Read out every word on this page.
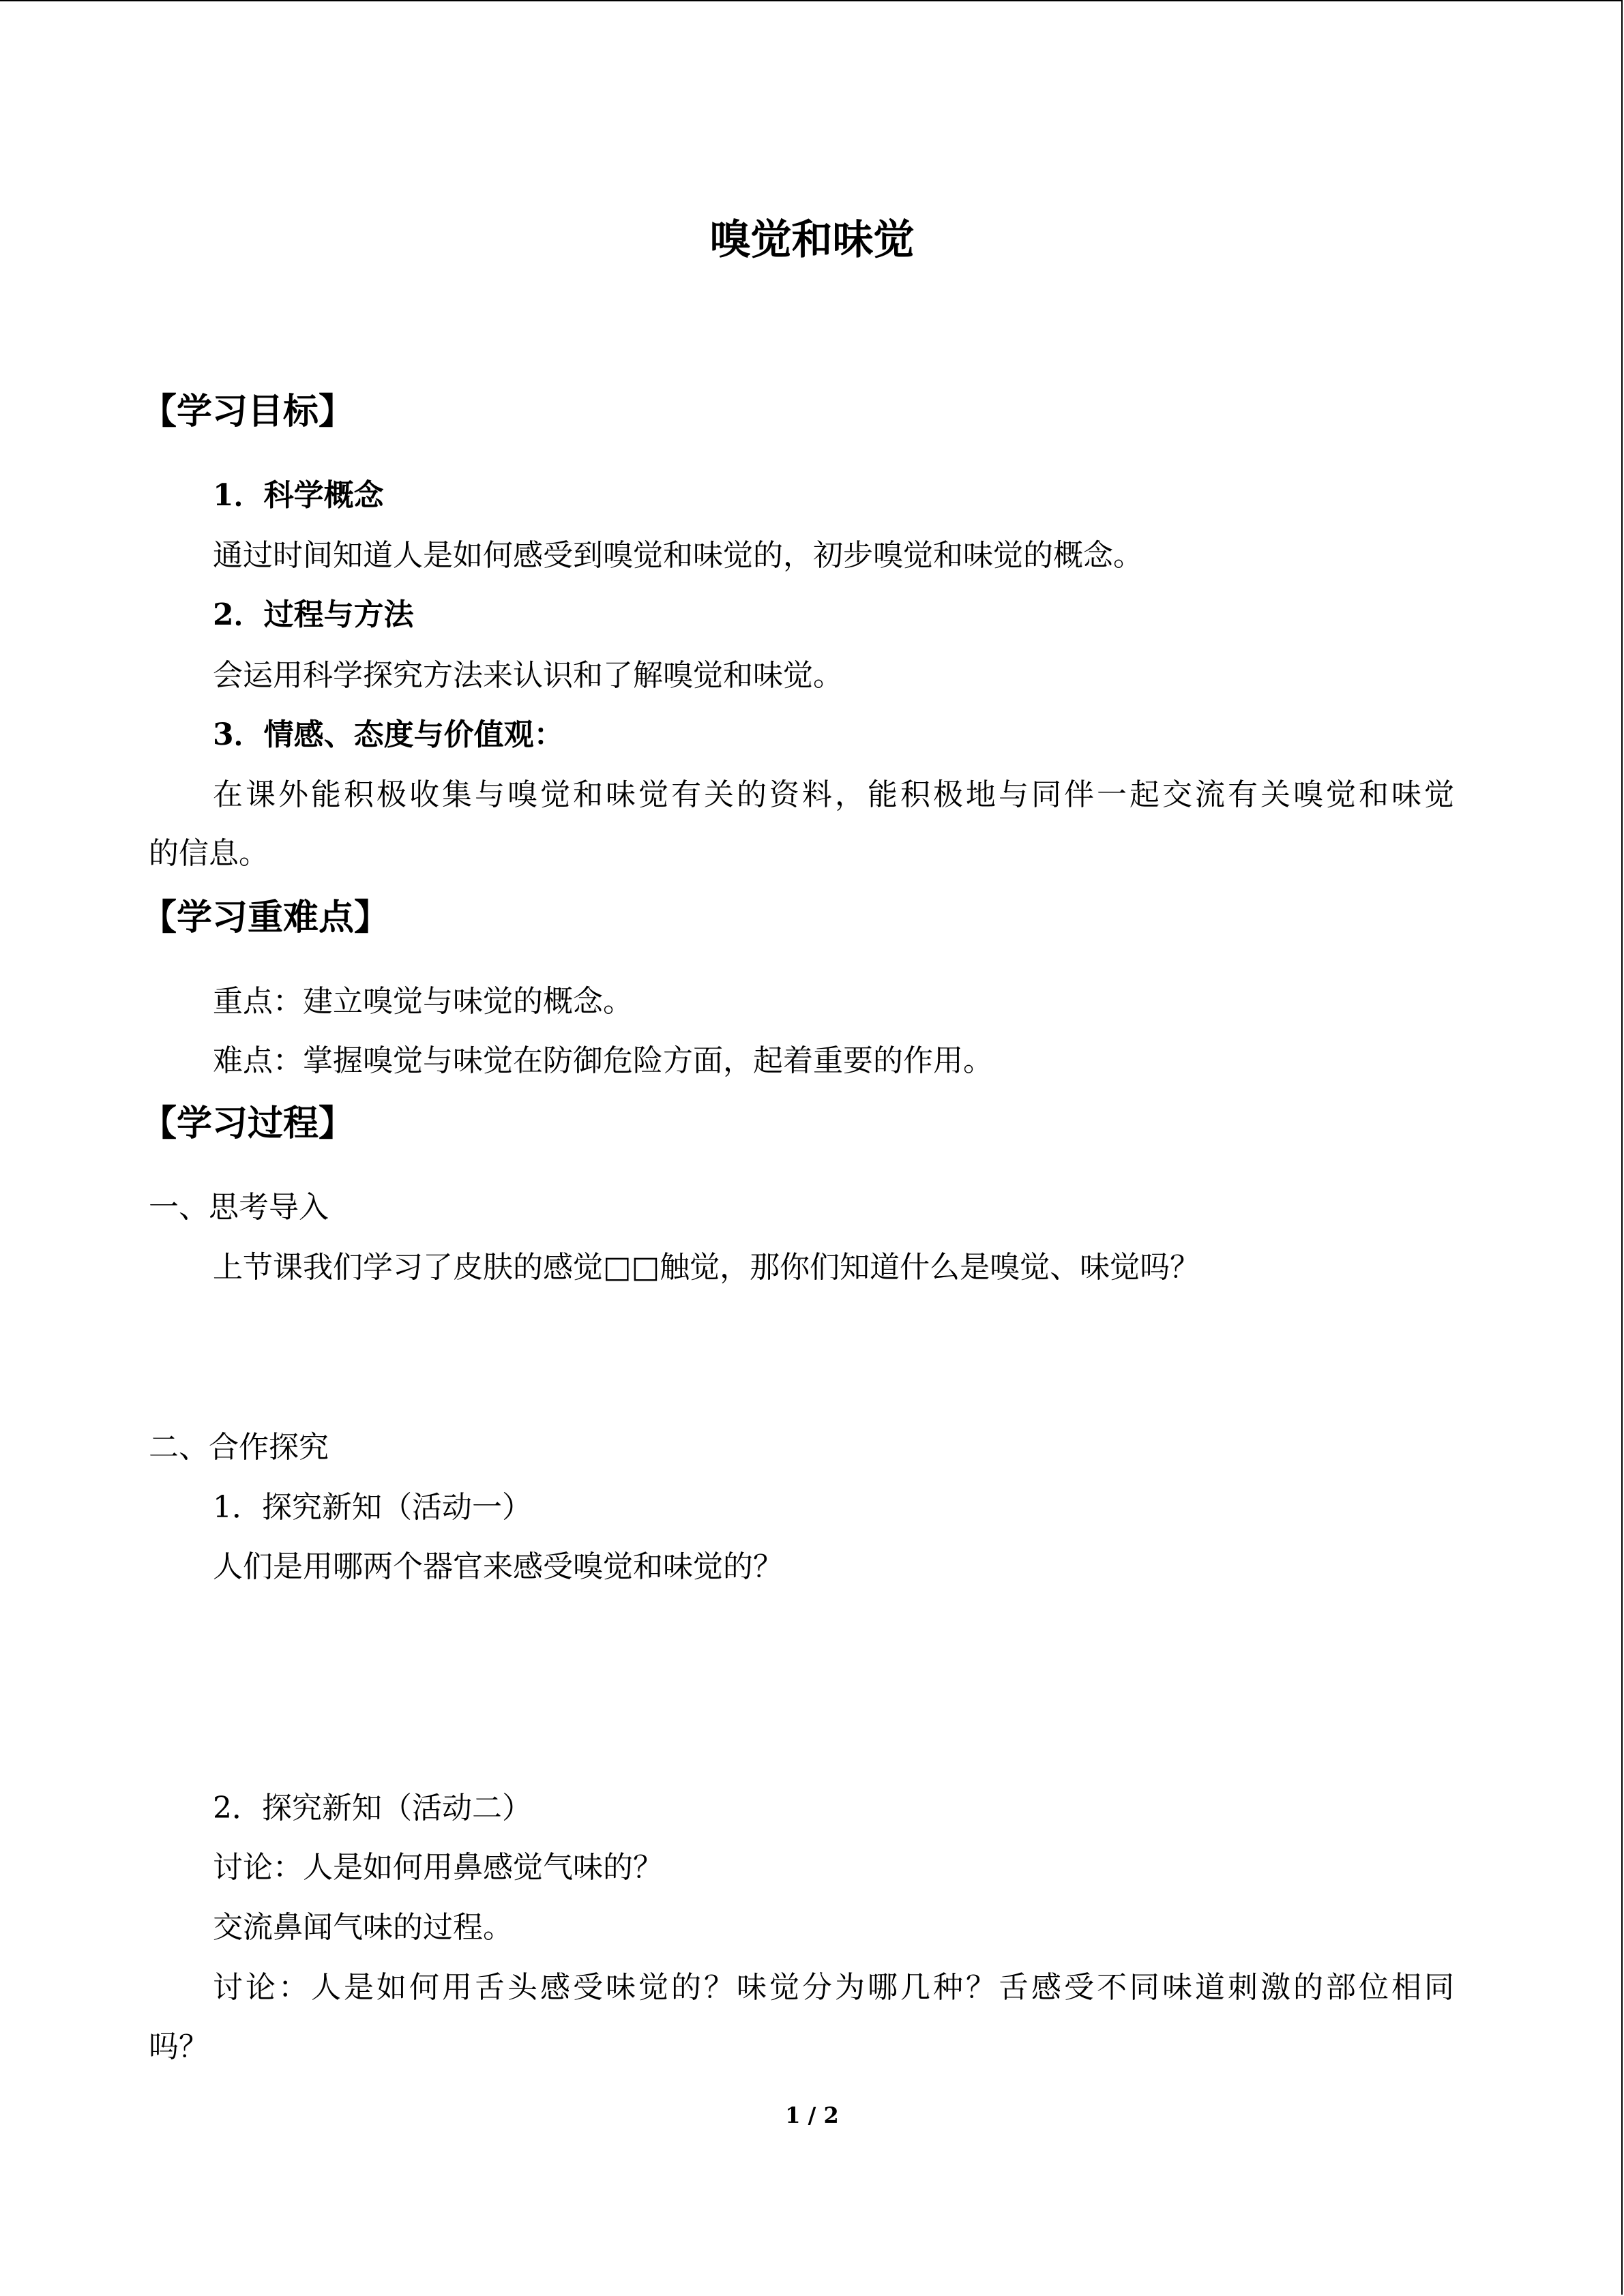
嗅觉和味觉
【学习目标】
1．科学概念
通过时间知道人是如何感受到嗅觉和味觉的，初步嗅觉和味觉的概念。
2．过程与方法
会运用科学探究方法来认识和了解嗅觉和味觉。
3．情感、态度与价值观：
在课外能积极收集与嗅觉和味觉有关的资料，能积极地与同伴一起交流有关嗅觉和味觉
的信息。
【学习重难点】
重点：建立嗅觉与味觉的概念。
难点：掌握嗅觉与味觉在防御危险方面，起着重要的作用。
【学习过程】
一、思考导入
上节课我们学习了皮肤的感觉□□触觉，那你们知道什么是嗅觉、味觉吗？
二、合作探究
1．探究新知（活动一）
人们是用哪两个器官来感受嗅觉和味觉的？
2．探究新知（活动二）
讨论：人是如何用鼻感觉气味的？
交流鼻闻气味的过程。
讨论：人是如何用舌头感受味觉的？味觉分为哪几种？舌感受不同味道刺激的部位相同
吗？
1 / 2
